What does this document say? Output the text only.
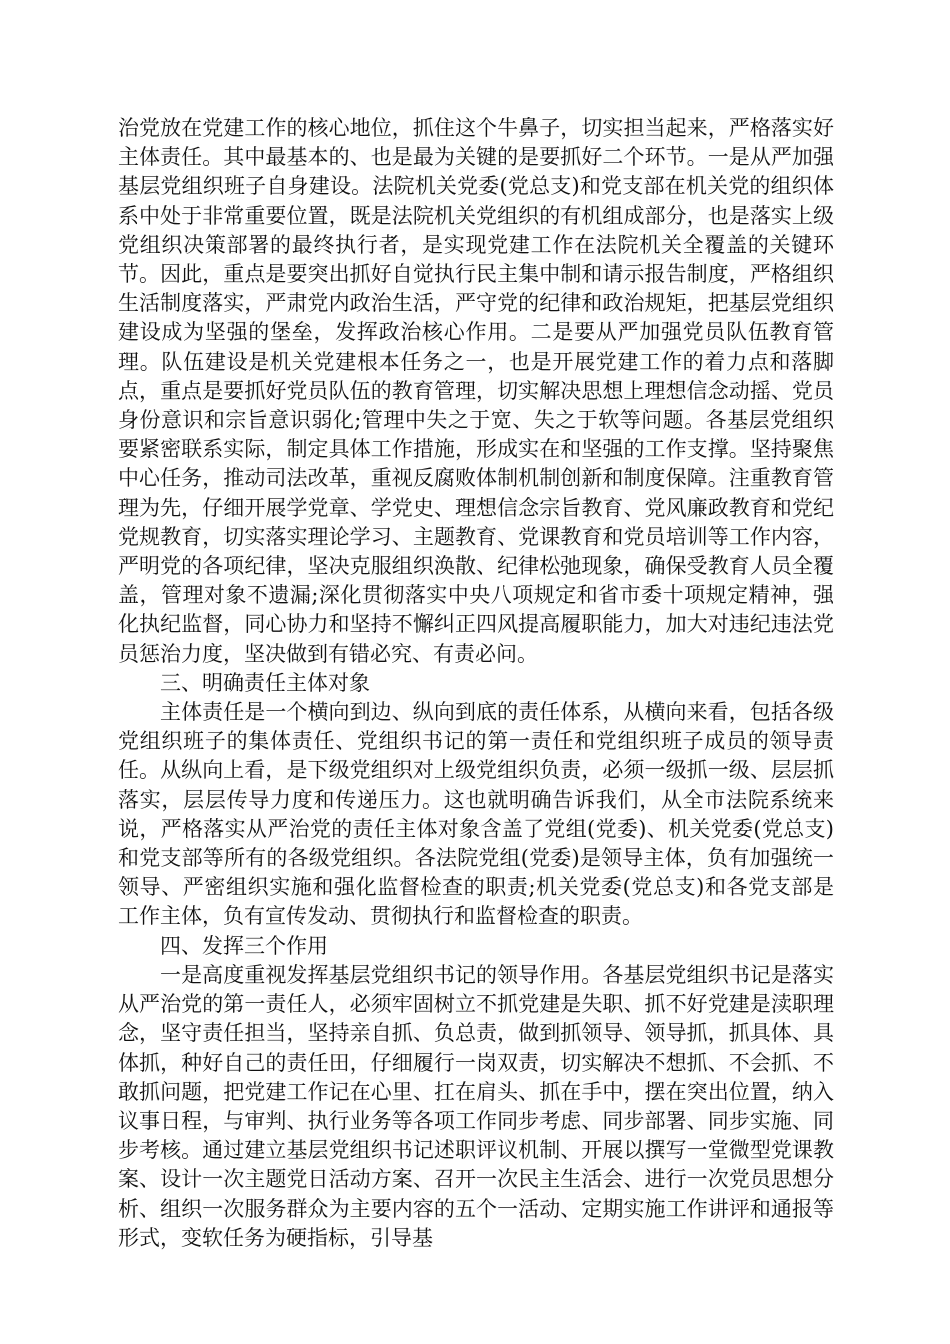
治党放在党建工作的核心地位，抓住这个牛鼻子，切实担当起来，严格落实好主体责任。其中最基本的、也是最为关键的是要抓好二个环节。一是从严加强基层党组织班子自身建设。法院机关党委(党总支)和党支部在机关党的组织体系中处于非常重要位置，既是法院机关党组织的有机组成部分，也是落实上级党组织决策部署的最终执行者，是实现党建工作在法院机关全覆盖的关键环节。因此，重点是要突出抓好自觉执行民主集中制和请示报告制度，严格组织生活制度落实，严肃党内政治生活，严守党的纪律和政治规矩，把基层党组织建设成为坚强的堡垒，发挥政治核心作用。二是要从严加强党员队伍教育管理。队伍建设是机关党建根本任务之一，也是开展党建工作的着力点和落脚点，重点是要抓好党员队伍的教育管理，切实解决思想上理想信念动摇、党员身份意识和宗旨意识弱化;管理中失之于宽、失之于软等问题。各基层党组织要紧密联系实际，制定具体工作措施，形成实在和坚强的工作支撑。坚持聚焦中心任务，推动司法改革，重视反腐败体制机制创新和制度保障。注重教育管理为先，仔细开展学党章、学党史、理想信念宗旨教育、党风廉政教育和党纪党规教育，切实落实理论学习、主题教育、党课教育和党员培训等工作内容，严明党的各项纪律，坚决克服组织涣散、纪律松弛现象，确保受教育人员全覆盖，管理对象不遗漏;深化贯彻落实中央八项规定和省市委十项规定精神，强化执纪监督，同心协力和坚持不懈纠正四风提高履职能力，加大对违纪违法党员惩治力度，坚决做到有错必究、有责必问。

三、明确责任主体对象

主体责任是一个横向到边、纵向到底的责任体系，从横向来看，包括各级党组织班子的集体责任、党组织书记的第一责任和党组织班子成员的领导责任。从纵向上看，是下级党组织对上级党组织负责，必须一级抓一级、层层抓落实，层层传导力度和传递压力。这也就明确告诉我们，从全市法院系统来说，严格落实从严治党的责任主体对象含盖了党组(党委)、机关党委(党总支)和党支部等所有的各级党组织。各法院党组(党委)是领导主体，负有加强统一领导、严密组织实施和强化监督检查的职责;机关党委(党总支)和各党支部是工作主体，负有宣传发动、贯彻执行和监督检查的职责。

四、发挥三个作用

一是高度重视发挥基层党组织书记的领导作用。各基层党组织书记是落实从严治党的第一责任人，必须牢固树立不抓党建是失职、抓不好党建是渎职理念，坚守责任担当，坚持亲自抓、负总责，做到抓领导、领导抓，抓具体、具体抓，种好自己的责任田，仔细履行一岗双责，切实解决不想抓、不会抓、不敢抓问题，把党建工作记在心里、扛在肩头、抓在手中，摆在突出位置，纳入议事日程，与审判、执行业务等各项工作同步考虑、同步部署、同步实施、同步考核。通过建立基层党组织书记述职评议机制、开展以撰写一堂微型党课教案、设计一次主题党日活动方案、召开一次民主生活会、进行一次党员思想分析、组织一次服务群众为主要内容的五个一活动、定期实施工作讲评和通报等形式，变软任务为硬指标，引导基
